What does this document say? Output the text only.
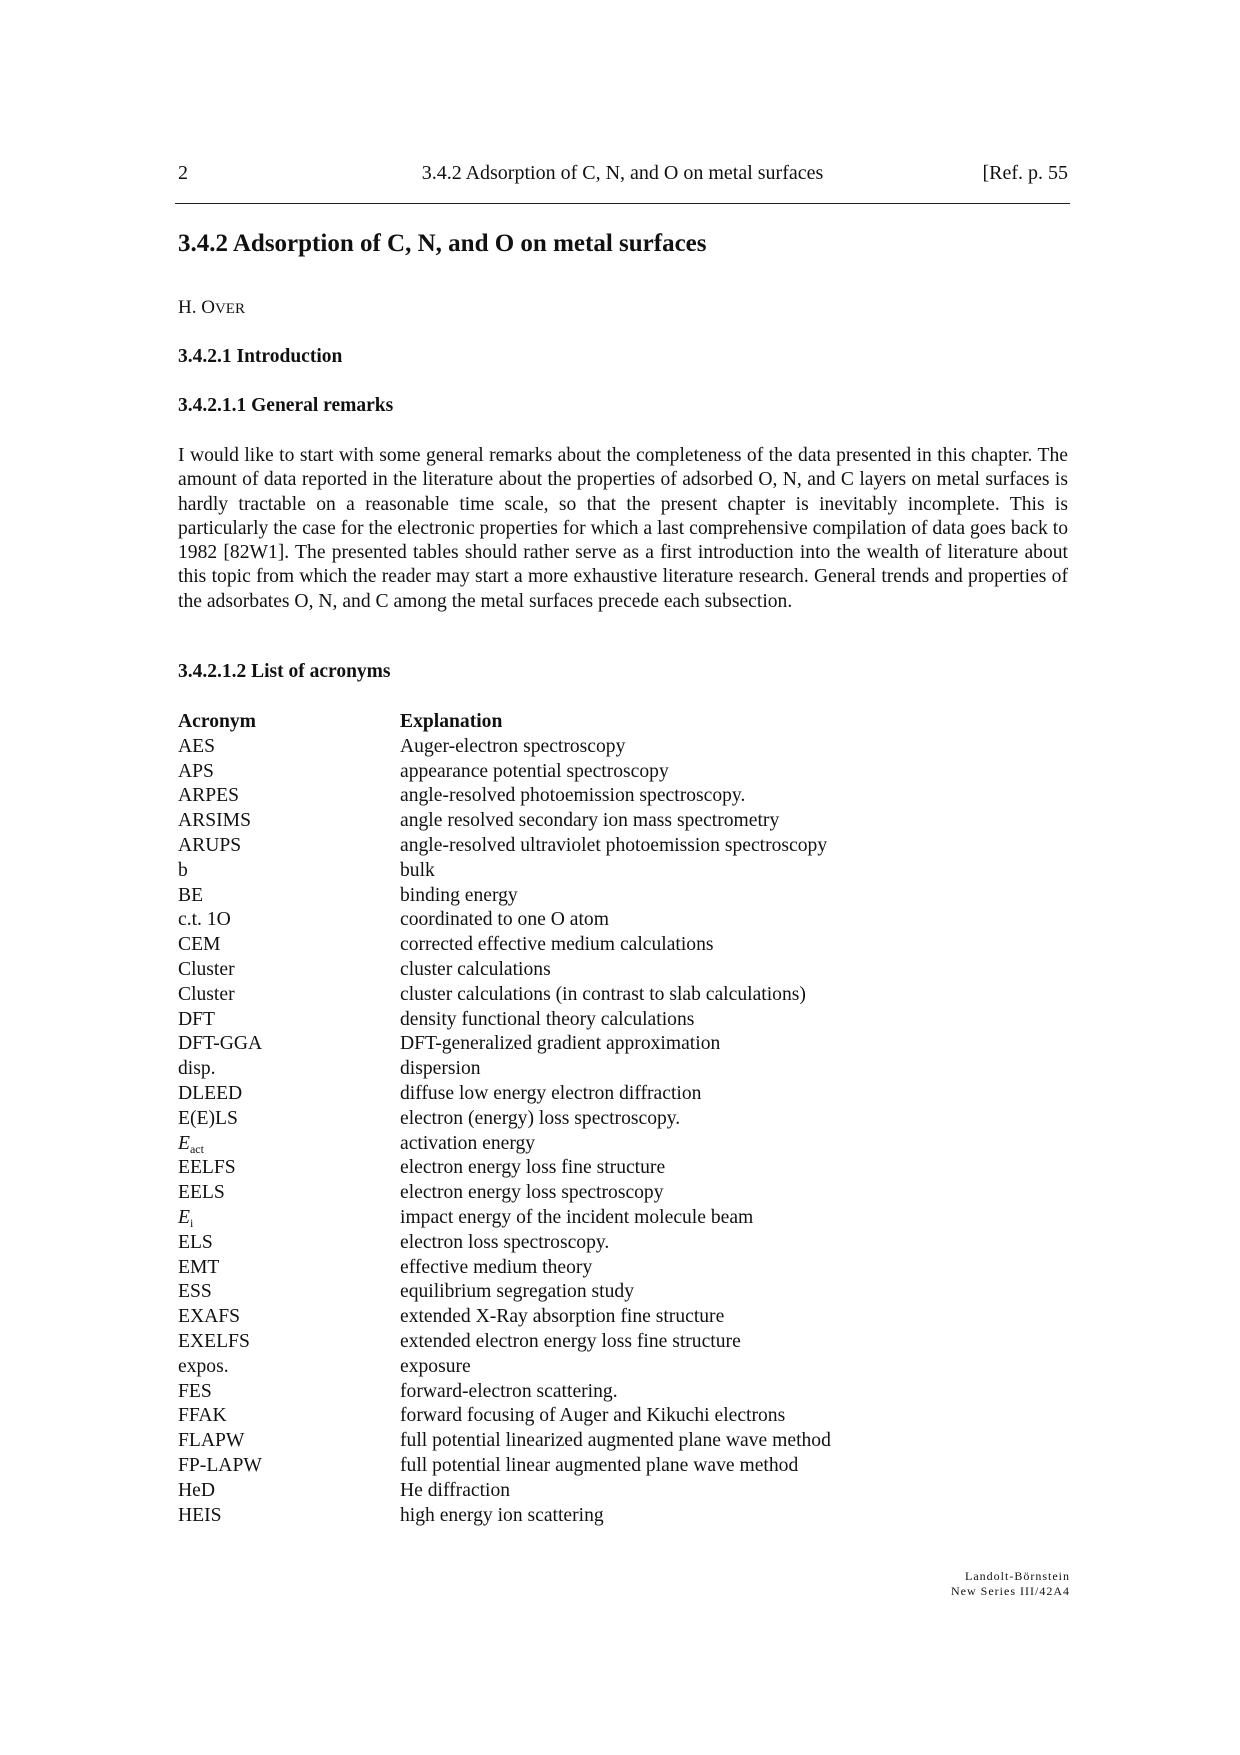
2	3.4.2 Adsorption of C, N, and O on metal surfaces	[Ref. p. 55
3.4.2 Adsorption of C, N, and O on metal surfaces
H. OVER
3.4.2.1 Introduction
3.4.2.1.1 General remarks

I would like to start with some general remarks about the completeness of the data presented in this chapter. The amount of data reported in the literature about the properties of adsorbed O, N, and C layers on metal surfaces is hardly tractable on a reasonable time scale, so that the present chapter is inevitably incomplete. This is particularly the case for the electronic properties for which a last comprehensive compilation of data goes back to 1982 [82W1]. The presented tables should rather serve as a first introduction into the wealth of literature about this topic from which the reader may start a more exhaustive literature research. General trends and properties of the adsorbates O, N, and C among the metal surfaces precede each subsection.

3.4.2.1.2 List of acronyms
Acronym	Explanation
AES	Auger-electron spectroscopy
APS	appearance potential spectroscopy
ARPES	angle-resolved photoemission spectroscopy.
ARSIMS	angle resolved secondary ion mass spectrometry
ARUPS	angle-resolved ultraviolet photoemission spectroscopy
b	bulk
BE	binding energy
c.t. 1O	coordinated to one O atom
CEM	corrected effective medium calculations
Cluster	cluster calculations
Cluster	cluster calculations (in contrast to slab calculations)
DFT	density functional theory calculations
DFT-GGA	DFT-generalized gradient approximation
disp.	dispersion
DLEED	diffuse low energy electron diffraction
E(E)LS	electron (energy) loss spectroscopy.
$E_{act}$	activation energy
EELFS	electron energy loss fine structure
EELS	electron energy loss spectroscopy
$E_i$	impact energy of the incident molecule beam
ELS	electron loss spectroscopy.
EMT	effective medium theory
ESS	equilibrium segregation study
EXAFS	extended X-Ray absorption fine structure
EXELFS	extended electron energy loss fine structure
expos.	exposure
FES	forward-electron scattering.
FFAK	forward focusing of Auger and Kikuchi electrons
FLAPW	full potential linearized augmented plane wave method
FP-LAPW	full potential linear augmented plane wave method
HeD	He diffraction
HEIS	high energy ion scattering
Landolt-Börnstein
New Series III/42A4
